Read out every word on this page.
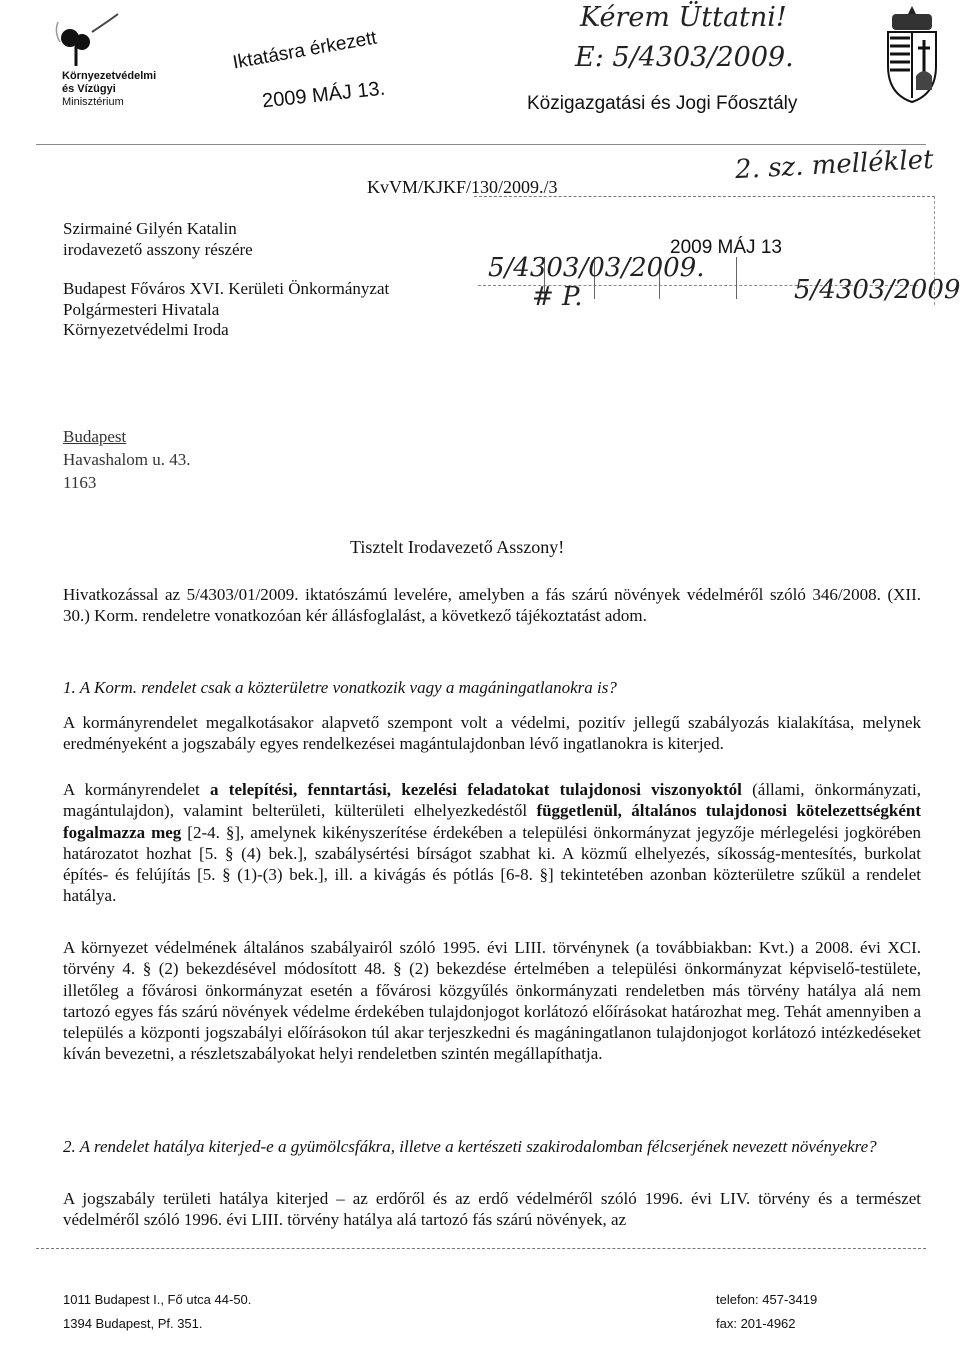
Környezetvédelmi
és Vízügyi
Minisztérium
Iktatásra érkezett
2009 MÁJ 13.
Kérem Üttatni!
E: 5/4303/2009.
Közigazgatási és Jogi Főosztály
2. sz. melléklet
KvVM/KJKF/130/2009./3
Szirmainé Gilyén Katalin
irodavezető asszony részére
Budapest Főváros XVI. Kerületi Önkormányzat
Polgármesteri Hivatala
Környezetvédelmi Iroda
Budapest
Havashalom u. 43.
1163
2009 MÁJ 13
5/4303/03/2009.
# P.	5/4303/2009
Tisztelt Irodavezető Asszony!
Hivatkozással az 5/4303/01/2009. iktatószámú levelére, amelyben a fás szárú növények védelméről szóló 346/2008. (XII. 30.) Korm. rendeletre vonatkozóan kér állásfoglalást, a következő tájékoztatást adom.
1. A Korm. rendelet csak a közterületre vonatkozik vagy a magáningatlanokra is?
A kormányrendelet megalkotásakor alapvető szempont volt a védelmi, pozitív jellegű szabályozás kialakítása, melynek eredményeként a jogszabály egyes rendelkezései magántulajdonban lévő ingatlanokra is kiterjed.
A kormányrendelet a telepítési, fenntartási, kezelési feladatokat tulajdonosi viszonyoktól (állami, önkormányzati, magántulajdon), valamint belterületi, külterületi elhelyezkedéstől függetlenül, általános tulajdonosi kötelezettségként fogalmazza meg [2-4. §], amelynek kikényszerítése érdekében a települési önkormányzat jegyzője mérlegelési jogkörében határozatot hozhat [5. § (4) bek.], szabálysértési bírságot szabhat ki. A közmű elhelyezés, síkosság-mentesítés, burkolat építés- és felújítás [5. § (1)-(3) bek.], ill. a kivágás és pótlás [6-8. §] tekintetében azonban közterületre szűkül a rendelet hatálya.
A környezet védelmének általános szabályairól szóló 1995. évi LIII. törvénynek (a továbbiakban: Kvt.) a 2008. évi XCI. törvény 4. § (2) bekezdésével módosított 48. § (2) bekezdése értelmében a települési önkormányzat képviselő-testülete, illetőleg a fővárosi önkormányzat esetén a fővárosi közgyűlés önkormányzati rendeletben más törvény hatálya alá nem tartozó egyes fás szárú növények védelme érdekében tulajdonjogot korlátozó előírásokat határozhat meg. Tehát amennyiben a település a központi jogszabályi előírásokon túl akar terjeszkedni és magáningatlanon tulajdonjogot korlátozó intézkedéseket kíván bevezetni, a részletszabályokat helyi rendeletben szintén megállapíthatja.
2. A rendelet hatálya kiterjed-e a gyümölcsfákra, illetve a kertészeti szakirodalomban félcserjének nevezett növényekre?
A jogszabály területi hatálya kiterjed – az erdőről és az erdő védelméről szóló 1996. évi LIV. törvény és a természet védelméről szóló 1996. évi LIII. törvény hatálya alá tartozó fás szárú növények, az
1011 Budapest I., Fő utca 44-50.
1394 Budapest, Pf. 351.
telefon: 457-3419
fax: 201-4962
